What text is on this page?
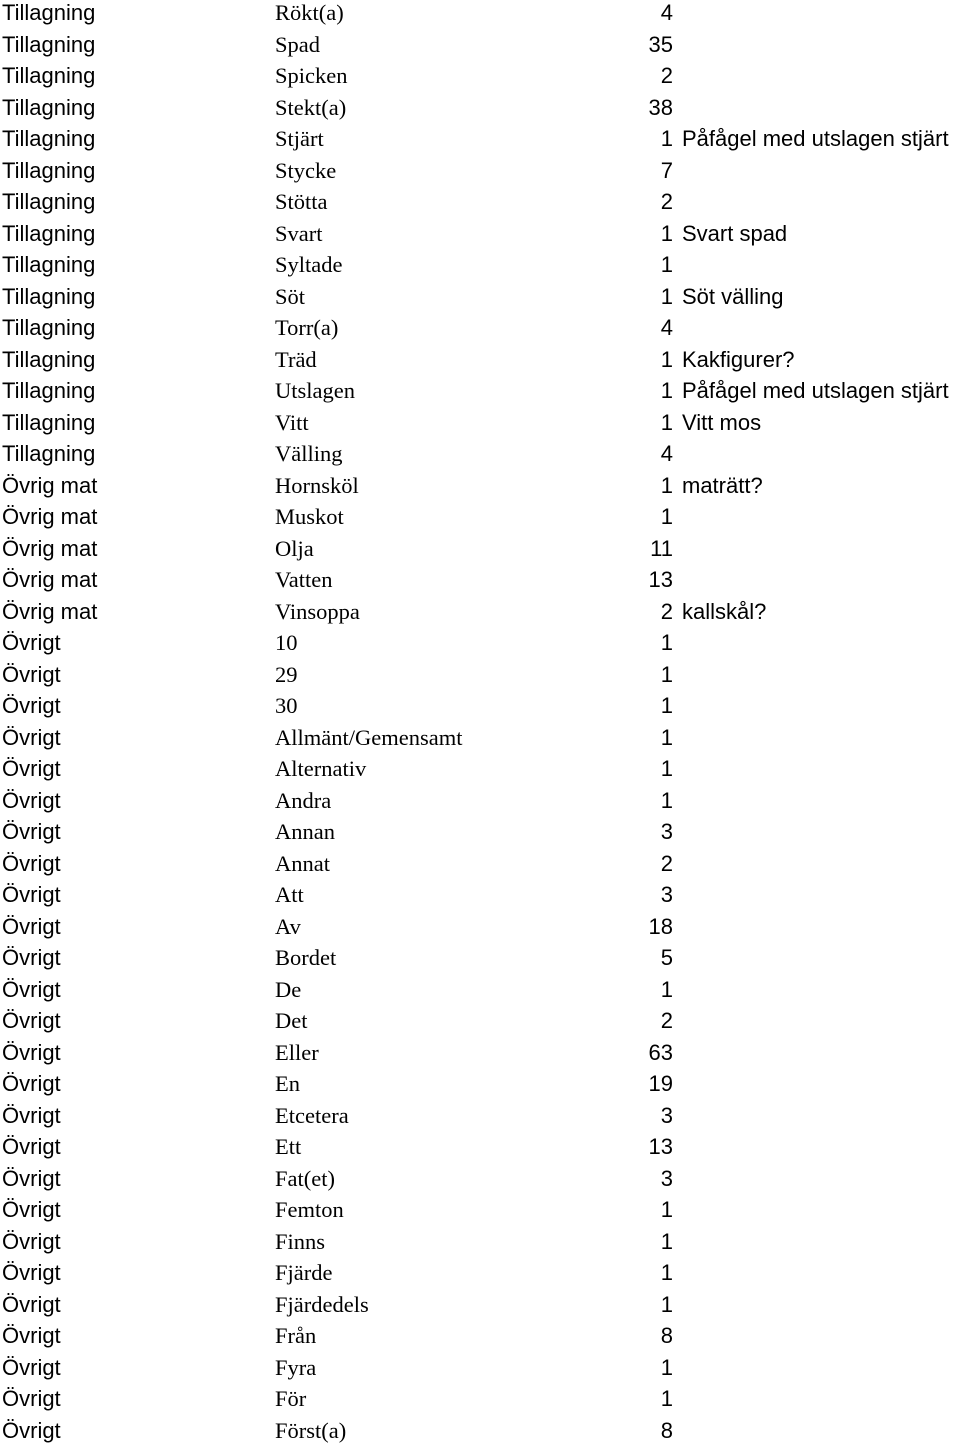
Tillagning	Rökt(a)	4
Tillagning	Spad	35
Tillagning	Spicken	2
Tillagning	Stekt(a)	38
Tillagning	Stjärt	1 Påfågel med utslagen stjärt
Tillagning	Stycke	7
Tillagning	Stötta	2
Tillagning	Svart	1 Svart spad
Tillagning	Syltade	1
Tillagning	Söt	1 Söt välling
Tillagning	Torr(a)	4
Tillagning	Träd	1 Kakfigurer?
Tillagning	Utslagen	1 Påfågel med utslagen stjärt
Tillagning	Vitt	1 Vitt mos
Tillagning	Välling	4
Övrig mat	Hornsköl	1 maträtt?
Övrig mat	Muskot	1
Övrig mat	Olja	11
Övrig mat	Vatten	13
Övrig mat	Vinsoppa	2 kallskål?
Övrigt	10	1
Övrigt	29	1
Övrigt	30	1
Övrigt	Allmänt/Gemensamt	1
Övrigt	Alternativ	1
Övrigt	Andra	1
Övrigt	Annan	3
Övrigt	Annat	2
Övrigt	Att	3
Övrigt	Av	18
Övrigt	Bordet	5
Övrigt	De	1
Övrigt	Det	2
Övrigt	Eller	63
Övrigt	En	19
Övrigt	Etcetera	3
Övrigt	Ett	13
Övrigt	Fat(et)	3
Övrigt	Femton	1
Övrigt	Finns	1
Övrigt	Fjärde	1
Övrigt	Fjärdedels	1
Övrigt	Från	8
Övrigt	Fyra	1
Övrigt	För	1
Övrigt	Först(a)	8
